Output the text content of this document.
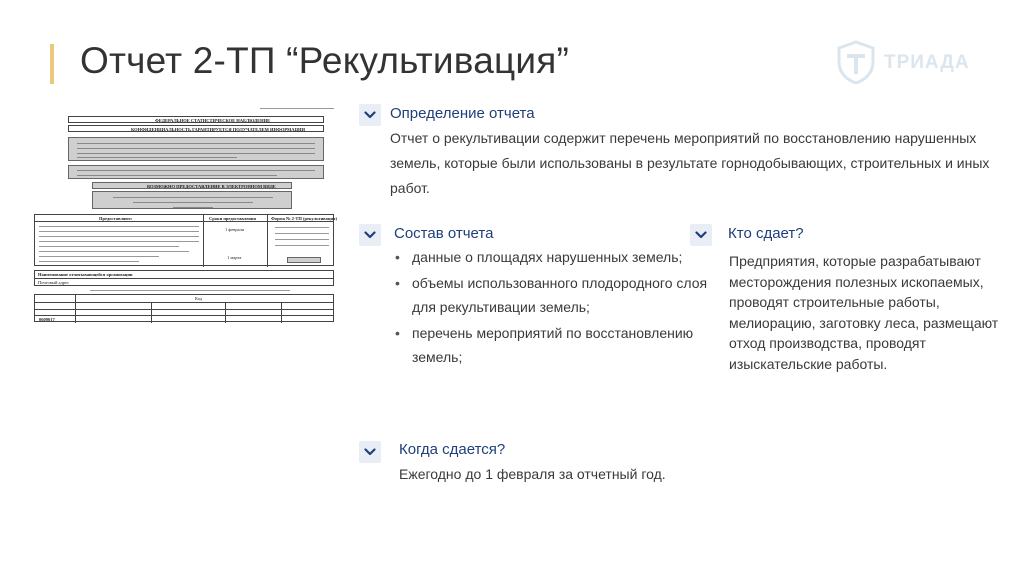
Отчет 2-ТП “Рекультивация”	ТРИАДА
ФЕДЕРАЛЬНОЕ СТАТИСТИЧЕСКОЕ НАБЛЮДЕНИЕ
КОНФИДЕНЦИАЛЬНОСТЬ ГАРАНТИРУЕТСЯ ПОЛУЧАТЕЛЕМ ИНФОРМАЦИИ
ВОЗМОЖНО ПРЕДОСТАВЛЕНИЕ В ЭЛЕКТРОННОМ ВИДЕ
Предоставляют:	Сроки предоставления
1 февраля
1 марта
Форма № 2-ТП (рекультивация)
Наименование отчитывающейся организации
Почтовый адрес
Код
0609017
Определение отчета
Отчет о рекультивации содержит перечень мероприятий по восстановлению нарушенных земель, которые были использованы в результате горнодобывающих, строительных и иных работ.
Состав отчета
• данные о площадях нарушенных земель;
• объемы использованного плодородного слоя для рекультивации земель;
• перечень мероприятий по восстановлению земель;
Кто сдает?
Предприятия, которые разрабатывают месторождения полезных ископаемых, проводят строительные работы, мелиорацию, заготовку леса, размещают отход производства, проводят изыскательские работы.
Когда сдается?
Ежегодно до 1 февраля за отчетный год.
